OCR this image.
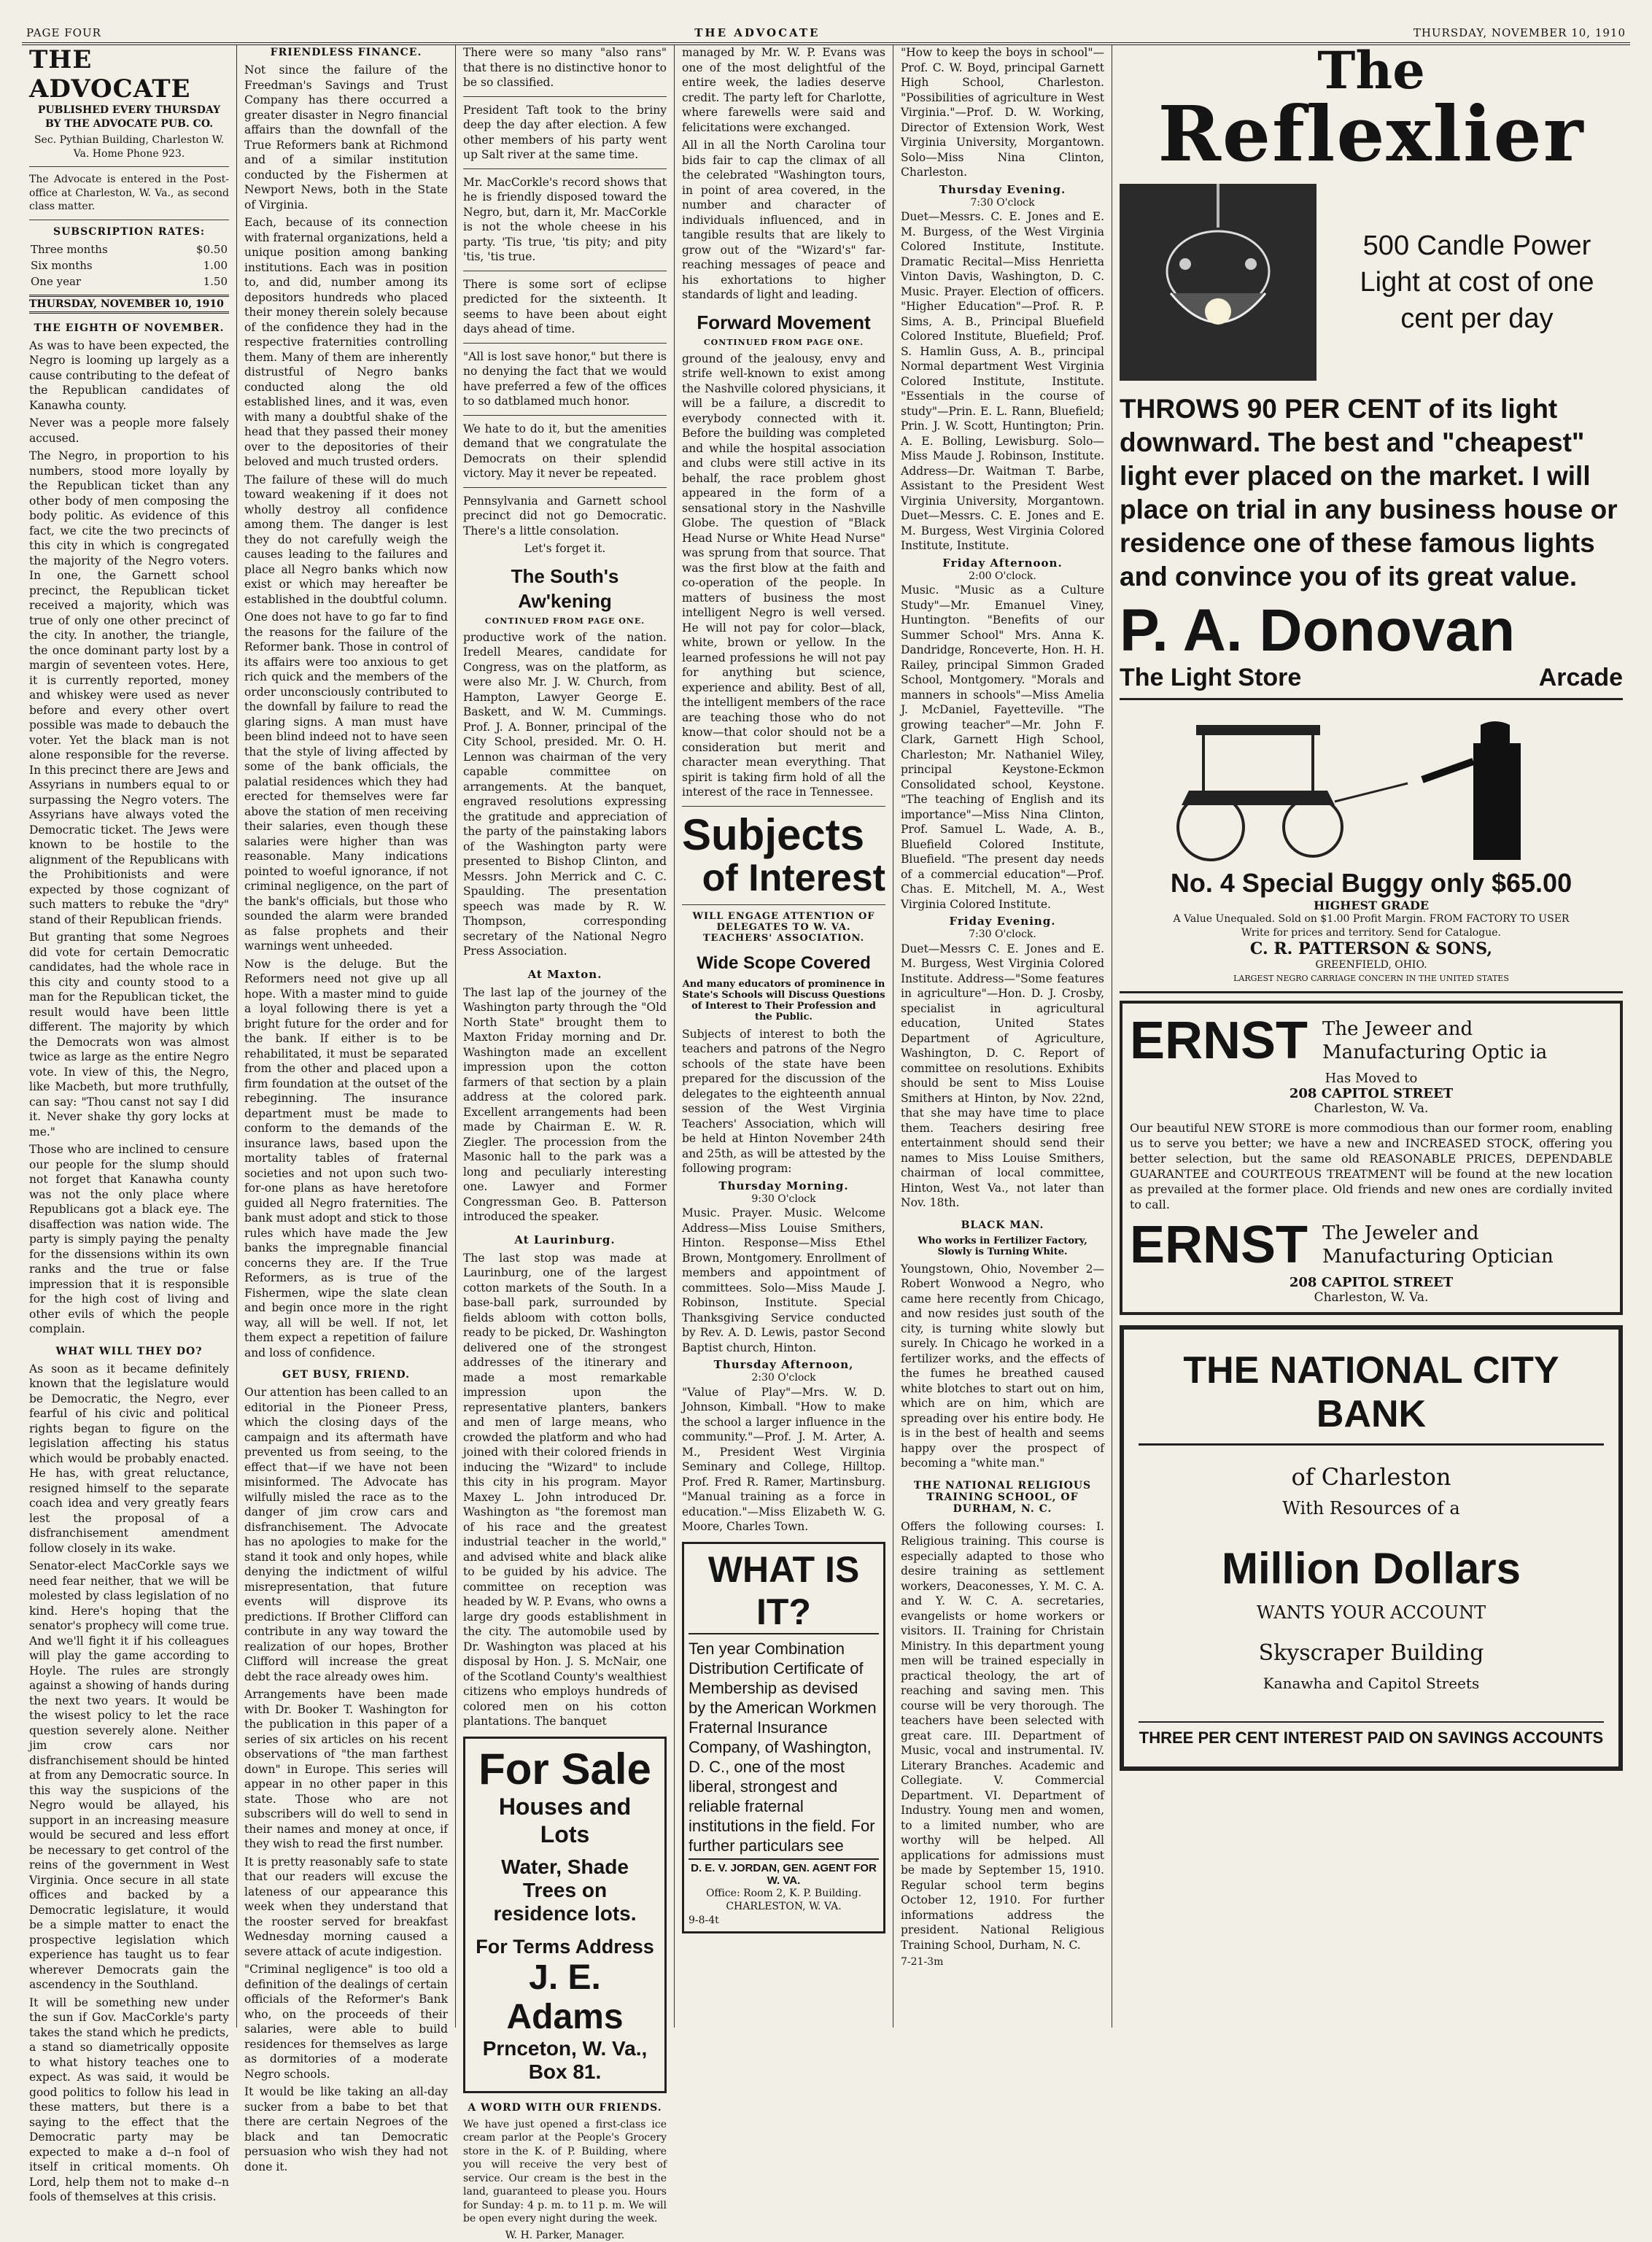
PAGE FOUR	THE ADVOCATE	THURSDAY, NOVEMBER 10, 1910
THE ADVOCATE

PUBLISHED EVERY THURSDAY BY THE ADVOCATE PUB. CO.

Sec. Pythian Building, Charleston W. Va. Home Phone 923.

The Advocate is entered in the Post-office at Charleston, W. Va., as second class matter.

SUBSCRIPTION RATES:
Three months	$0.50
Six months	1.00
One year	1.50
THURSDAY, NOVEMBER 10, 1910
THE EIGHTH OF NOVEMBER.

As was to have been expected, the Negro is looming up largely as a cause contributing to the defeat of the Republican candidates of Kanawha county.

Never was a people more falsely accused.

The Negro, in proportion to his numbers, stood more loyally by the Republican ticket than any other body of men composing the body politic. As evidence of this fact, we cite the two precincts of this city in which is congregated the majority of the Negro voters. In one, the Garnett school precinct, the Republican ticket received a majority, which was true of only one other precinct of the city. In another, the triangle, the once dominant party lost by a margin of seventeen votes. Here, it is currently reported, money and whiskey were used as never before and every other overt possible was made to debauch the voter. Yet the black man is not alone responsible for the reverse. In this precinct there are Jews and Assyrians in numbers equal to or surpassing the Negro voters. The Assyrians have always voted the Democratic ticket. The Jews were known to be hostile to the alignment of the Republicans with the Prohibitionists and were expected by those cognizant of such matters to rebuke the "dry" stand of their Republican friends.

But granting that some Negroes did vote for certain Democratic candidates, had the whole race in this city and county stood to a man for the Republican ticket, the result would have been little different. The majority by which the Democrats won was almost twice as large as the entire Negro vote. In view of this, the Negro, like Macbeth, but more truthfully, can say: "Thou canst not say I did it. Never shake thy gory locks at me."

Those who are inclined to censure our people for the slump should not forget that Kanawha county was not the only place where Republicans got a black eye. The disaffection was nation wide. The party is simply paying the penalty for the dissensions within its own ranks and the true or false impression that it is responsible for the high cost of living and other evils of which the people complain.

WHAT WILL THEY DO?

As soon as it became definitely known that the legislature would be Democratic, the Negro, ever fearful of his civic and political rights began to figure on the legislation affecting his status which would be probably enacted. He has, with great reluctance, resigned himself to the separate coach idea and very greatly fears lest the proposal of a disfranchisement amendment follow closely in its wake.

Senator-elect MacCorkle says we need fear neither, that we will be molested by class legislation of no kind. Here's hoping that the senator's prophecy will come true. And we'll fight it if his colleagues will play the game according to Hoyle. The rules are strongly against a showing of hands during the next two years. It would be the wisest policy to let the race question severely alone. Neither jim crow cars nor disfranchisement should be hinted at from any Democratic source. In this way the suspicions of the Negro would be allayed, his support in an increasing measure would be secured and less effort be necessary to get control of the reins of the government in West Virginia. Once secure in all state offices and backed by a Democratic legislature, it would be a simple matter to enact the prospective legislation which experience has taught us to fear wherever Democrats gain the ascendency in the Southland.

It will be something new under the sun if Gov. MacCorkle's party takes the stand which he predicts, a stand so diametrically opposite to what history teaches one to expect. As was said, it would be good politics to follow his lead in these matters, but there is a saying to the effect that the Democratic party may be expected to make a d--n fool of itself in critical moments. Oh Lord, help them not to make d--n fools of themselves at this crisis.

FRIENDLESS FINANCE.

Not since the failure of the Freedman's Savings and Trust Company has there occurred a greater disaster in Negro financial affairs than the downfall of the True Reformers bank at Richmond and of a similar institution conducted by the Fishermen at Newport News, both in the State of Virginia.

Each, because of its connection with fraternal organizations, held a unique position among banking institutions. Each was in position to, and did, number among its depositors hundreds who placed their money therein solely because of the confidence they had in the respective fraternities controlling them. Many of them are inherently distrustful of Negro banks conducted along the old established lines, and it was, even with many a doubtful shake of the head that they passed their money over to the depositories of their beloved and much trusted orders.

The failure of these will do much toward weakening if it does not wholly destroy all confidence among them. The danger is lest they do not carefully weigh the causes leading to the failures and place all Negro banks which now exist or which may hereafter be established in the doubtful column.

One does not have to go far to find the reasons for the failure of the Reformer bank. Those in control of its affairs were too anxious to get rich quick and the members of the order unconsciously contributed to the downfall by failure to read the glaring signs. A man must have been blind indeed not to have seen that the style of living affected by some of the bank officials, the palatial residences which they had erected for themselves were far above the station of men receiving their salaries, even though these salaries were higher than was reasonable. Many indications pointed to woeful ignorance, if not criminal negligence, on the part of the bank's officials, but those who sounded the alarm were branded as false prophets and their warnings went unheeded.

Now is the deluge. But the Reformers need not give up all hope. With a master mind to guide a loyal following there is yet a bright future for the order and for the bank. If either is to be rehabilitated, it must be separated from the other and placed upon a firm foundation at the outset of the rebeginning. The insurance department must be made to conform to the demands of the insurance laws, based upon the mortality tables of fraternal societies and not upon such two-for-one plans as have heretofore guided all Negro fraternities. The bank must adopt and stick to those rules which have made the Jew banks the impregnable financial concerns they are. If the True Reformers, as is true of the Fishermen, wipe the slate clean and begin once more in the right way, all will be well. If not, let them expect a repetition of failure and loss of confidence.

GET BUSY, FRIEND.

Our attention has been called to an editorial in the Pioneer Press, which the closing days of the campaign and its aftermath have prevented us from seeing, to the effect that—if we have not been misinformed. The Advocate has wilfully misled the race as to the danger of jim crow cars and disfranchisement. The Advocate has no apologies to make for the stand it took and only hopes, while denying the indictment of wilful misrepresentation, that future events will disprove its predictions. If Brother Clifford can contribute in any way toward the realization of our hopes, Brother Clifford will increase the great debt the race already owes him.

Arrangements have been made with Dr. Booker T. Washington for the publication in this paper of a series of six articles on his recent observations of "the man farthest down" in Europe. This series will appear in no other paper in this state. Those who are not subscribers will do well to send in their names and money at once, if they wish to read the first number.

It is pretty reasonably safe to state that our readers will excuse the lateness of our appearance this week when they understand that the rooster served for breakfast Wednesday morning caused a severe attack of acute indigestion.

"Criminal negligence" is too old a definition of the dealings of certain officials of the Reformer's Bank who, on the proceeds of their salaries, were able to build residences for themselves as large as dormitories of a moderate Negro schools.

It would be like taking an all-day sucker from a babe to bet that there are certain Negroes of the black and tan Democratic persuasion who wish they had not done it.

There were so many "also rans" that there is no distinctive honor to be so classified.

President Taft took to the briny deep the day after election. A few other members of his party went up Salt river at the same time.

Mr. MacCorkle's record shows that he is friendly disposed toward the Negro, but, darn it, Mr. MacCorkle is not the whole cheese in his party. 'Tis true, 'tis pity; and pity 'tis, 'tis true.

There is some sort of eclipse predicted for the sixteenth. It seems to have been about eight days ahead of time.

"All is lost save honor," but there is no denying the fact that we would have preferred a few of the offices to so datblamed much honor.

We hate to do it, but the amenities demand that we congratulate the Democrats on their splendid victory. May it never be repeated.

Pennsylvania and Garnett school precinct did not go Democratic. There's a little consolation.

Let's forget it.

The South's Aw'kening
CONTINUED FROM PAGE ONE.

productive work of the nation. Iredell Meares, candidate for Congress, was on the platform, as were also Mr. J. W. Church, from Hampton, Lawyer George E. Baskett, and W. M. Cummings. Prof. J. A. Bonner, principal of the City School, presided. Mr. O. H. Lennon was chairman of the very capable committee on arrangements. At the banquet, engraved resolutions expressing the gratitude and appreciation of the party of the painstaking labors of the Washington party were presented to Bishop Clinton, and Messrs. John Merrick and C. C. Spaulding. The presentation speech was made by R. W. Thompson, corresponding secretary of the National Negro Press Association.

At Maxton.

The last lap of the journey of the Washington party through the "Old North State" brought them to Maxton Friday morning and Dr. Washington made an excellent impression upon the cotton farmers of that section by a plain address at the colored park. Excellent arrangements had been made by Chairman E. W. R. Ziegler. The procession from the Masonic hall to the park was a long and peculiarly interesting one. Lawyer and Former Congressman Geo. B. Patterson introduced the speaker.

At Laurinburg.

The last stop was made at Laurinburg, one of the largest cotton markets of the South. In a base-ball park, surrounded by fields abloom with cotton bolls, ready to be picked, Dr. Washington delivered one of the strongest addresses of the itinerary and made a most remarkable impression upon the representative planters, bankers and men of large means, who crowded the platform and who had joined with their colored friends in inducing the "Wizard" to include this city in his program. Mayor Maxey L. John introduced Dr. Washington as "the foremost man of his race and the greatest industrial teacher in the world," and advised white and black alike to be guided by his advice. The committee on reception was headed by W. P. Evans, who owns a large dry goods establishment in the city. The automobile used by Dr. Washington was placed at his disposal by Hon. J. S. McNair, one of the Scotland County's wealthiest citizens who employs hundreds of colored men on his cotton plantations. The banquet

For Sale
Houses and Lots
Water, Shade Trees on residence lots.
For Terms Address
J. E. Adams
Prnceton, W. Va.,
Box 81.
A WORD WITH OUR FRIENDS.

We have just opened a first-class ice cream parlor at the People's Grocery store in the K. of P. Building, where you will receive the very best of service. Our cream is the best in the land, guaranteed to please you. Hours for Sunday: 4 p. m. to 11 p. m. We will be open every night during the week.

W. H. Parker, Manager.

managed by Mr. W. P. Evans was one of the most delightful of the entire week, the ladies deserve credit. The party left for Charlotte, where farewells were said and felicitations were exchanged.

All in all the North Carolina tour bids fair to cap the climax of all the celebrated "Washington tours, in point of area covered, in the number and character of individuals influenced, and in tangible results that are likely to grow out of the "Wizard's" far-reaching messages of peace and his exhortations to higher standards of light and leading.

Forward Movement
CONTINUED FROM PAGE ONE.

ground of the jealousy, envy and strife well-known to exist among the Nashville colored physicians, it will be a failure, a discredit to everybody connected with it. Before the building was completed and while the hospital association and clubs were still active in its behalf, the race problem ghost appeared in the form of a sensational story in the Nashville Globe. The question of "Black Head Nurse or White Head Nurse" was sprung from that source. That was the first blow at the faith and co-operation of the people. In matters of business the most intelligent Negro is well versed. He will not pay for color—black, white, brown or yellow. In the learned professions he will not pay for anything but science, experience and ability. Best of all, the intelligent members of the race are teaching those who do not know—that color should not be a consideration but merit and character mean everything. That spirit is taking firm hold of all the interest of the race in Tennessee.

Subjects
of Interest
WILL ENGAGE ATTENTION OF DELEGATES TO W. VA. TEACHERS' ASSOCIATION.
Wide Scope Covered
And many educators of prominence in State's Schools will Discuss Questions of Interest to Their Profession and the Public.

Subjects of interest to both the teachers and patrons of the Negro schools of the state have been prepared for the discussion of the delegates to the eighteenth annual session of the West Virginia Teachers' Association, which will be held at Hinton November 24th and 25th, as will be attested by the following program:

Thursday Morning.
9:30 O'clock

Music. Prayer. Music. Welcome Address—Miss Louise Smithers, Hinton. Response—Miss Ethel Brown, Montgomery. Enrollment of members and appointment of committees. Solo—Miss Maude J. Robinson, Institute. Special Thanksgiving Service conducted by Rev. A. D. Lewis, pastor Second Baptist church, Hinton.

Thursday Afternoon,
2:30 O'clock

"Value of Play"—Mrs. W. D. Johnson, Kimball. "How to make the school a larger influence in the community."—Prof. J. M. Arter, A. M., President West Virginia Seminary and College, Hilltop. Prof. Fred R. Ramer, Martinsburg. "Manual training as a force in education."—Miss Elizabeth W. G. Moore, Charles Town.

WHAT IS IT?

Ten year Combination Distribution Certificate of Membership as devised by the American Workmen Fraternal Insurance Company, of Washington, D. C., one of the most liberal, strongest and reliable fraternal institutions in the field. For further particulars see

D. E. V. JORDAN, GEN. AGENT FOR W. VA.
Office: Room 2, K. P. Building. CHARLESTON, W. VA.
9-8-4t

"How to keep the boys in school"—Prof. C. W. Boyd, principal Garnett High School, Charleston. "Possibilities of agriculture in West Virginia."—Prof. D. W. Working, Director of Extension Work, West Virginia University, Morgantown. Solo—Miss Nina Clinton, Charleston.

Thursday Evening.
7:30 O'clock

Duet—Messrs. C. E. Jones and E. M. Burgess, of the West Virginia Colored Institute, Institute. Dramatic Recital—Miss Henrietta Vinton Davis, Washington, D. C. Music. Prayer. Election of officers. "Higher Education"—Prof. R. P. Sims, A. B., Principal Bluefield Colored Institute, Bluefield; Prof. S. Hamlin Guss, A. B., principal Normal department West Virginia Colored Institute, Institute. "Essentials in the course of study"—Prin. E. L. Rann, Bluefield; Prin. J. W. Scott, Huntington; Prin. A. E. Bolling, Lewisburg. Solo—Miss Maude J. Robinson, Institute. Address—Dr. Waitman T. Barbe, Assistant to the President West Virginia University, Morgantown. Duet—Messrs. C. E. Jones and E. M. Burgess, West Virginia Colored Institute, Institute.

Friday Afternoon.
2:00 O'clock.

Music. "Music as a Culture Study"—Mr. Emanuel Viney, Huntington. "Benefits of our Summer School" Mrs. Anna K. Dandridge, Ronceverte, Hon. H. H. Railey, principal Simmon Graded School, Montgomery. "Morals and manners in schools"—Miss Amelia J. McDaniel, Fayetteville. "The growing teacher"—Mr. John F. Clark, Garnett High School, Charleston; Mr. Nathaniel Wiley, principal Keystone-Eckmon Consolidated school, Keystone. "The teaching of English and its importance"—Miss Nina Clinton, Prof. Samuel L. Wade, A. B., Bluefield Colored Institute, Bluefield. "The present day needs of a commercial education"—Prof. Chas. E. Mitchell, M. A., West Virginia Colored Institute.

Friday Evening.
7:30 O'clock.

Duet—Messrs C. E. Jones and E. M. Burgess, West Virginia Colored Institute. Address—"Some features in agriculture"—Hon. D. J. Crosby, specialist in agricultural education, United States Department of Agriculture, Washington, D. C. Report of committee on resolutions. Exhibits should be sent to Miss Louise Smithers at Hinton, by Nov. 22nd, that she may have time to place them. Teachers desiring free entertainment should send their names to Miss Louise Smithers, chairman of local committee, Hinton, West Va., not later than Nov. 18th.

BLACK MAN.
Who works in Fertilizer Factory, Slowly is Turning White.

Youngstown, Ohio, November 2—Robert Wonwood a Negro, who came here recently from Chicago, and now resides just south of the city, is turning white slowly but surely. In Chicago he worked in a fertilizer works, and the effects of the fumes he breathed caused white blotches to start out on him, which are on him, which are spreading over his entire body. He is in the best of health and seems happy over the prospect of becoming a "white man."

THE NATIONAL RELIGIOUS TRAINING SCHOOL, OF DURHAM, N. C.

Offers the following courses: I. Religious training. This course is especially adapted to those who desire training as settlement workers, Deaconesses, Y. M. C. A. and Y. W. C. A. secretaries, evangelists or home workers or visitors. II. Training for Christain Ministry. In this department young men will be trained especially in practical theology, the art of reaching and saving men. This course will be very thorough. The teachers have been selected with great care. III. Department of Music, vocal and instrumental. IV. Literary Branches. Academic and Collegiate. V. Commercial Department. VI. Department of Industry. Young men and women, to a limited number, who are worthy will be helped. All applications for admissions must be made by September 15, 1910. Regular school term begins October 12, 1910. For further informations address the president. National Religious Training School, Durham, N. C.

7-21-3m

The
Reflexlier
500 Candle Power Light at cost of one cent per day
THROWS 90 PER CENT of its light downward. The best and "cheapest" light ever placed on the market. I will place on trial in any business house or residence one of these famous lights and convince you of its great value.
P. A. Donovan
The Light Store	Arcade
No. 4 Special Buggy only $65.00
HIGHEST GRADE
A Value Unequaled. Sold on $1.00 Profit Margin. FROM FACTORY TO USER
Write for prices and territory. Send for Catalogue.
C. R. PATTERSON & SONS,
GREENFIELD, OHIO.
LARGEST NEGRO CARRIAGE CONCERN IN THE UNITED STATES
ERNST The Jeweer and Manufacturing Optic ia
Has Moved to
208 CAPITOL STREET
Charleston, W. Va.

Our beautiful NEW STORE is more commodious than our former room, enabling us to serve you better; we have a new and INCREASED STOCK, offering you better selection, but the same old REASONABLE PRICES, DEPENDABLE GUARANTEE and COURTEOUS TREATMENT will be found at the new location as prevailed at the former place. Old friends and new ones are cordially invited to call.

ERNST The Jeweler and Manufacturing Optician
208 CAPITOL STREET
Charleston, W. Va.
THE NATIONAL CITY BANK
of Charleston
With Resources of a
Million Dollars
WANTS YOUR ACCOUNT
Skyscraper Building
Kanawha and Capitol Streets
THREE PER CENT INTEREST PAID ON SAVINGS ACCOUNTS
